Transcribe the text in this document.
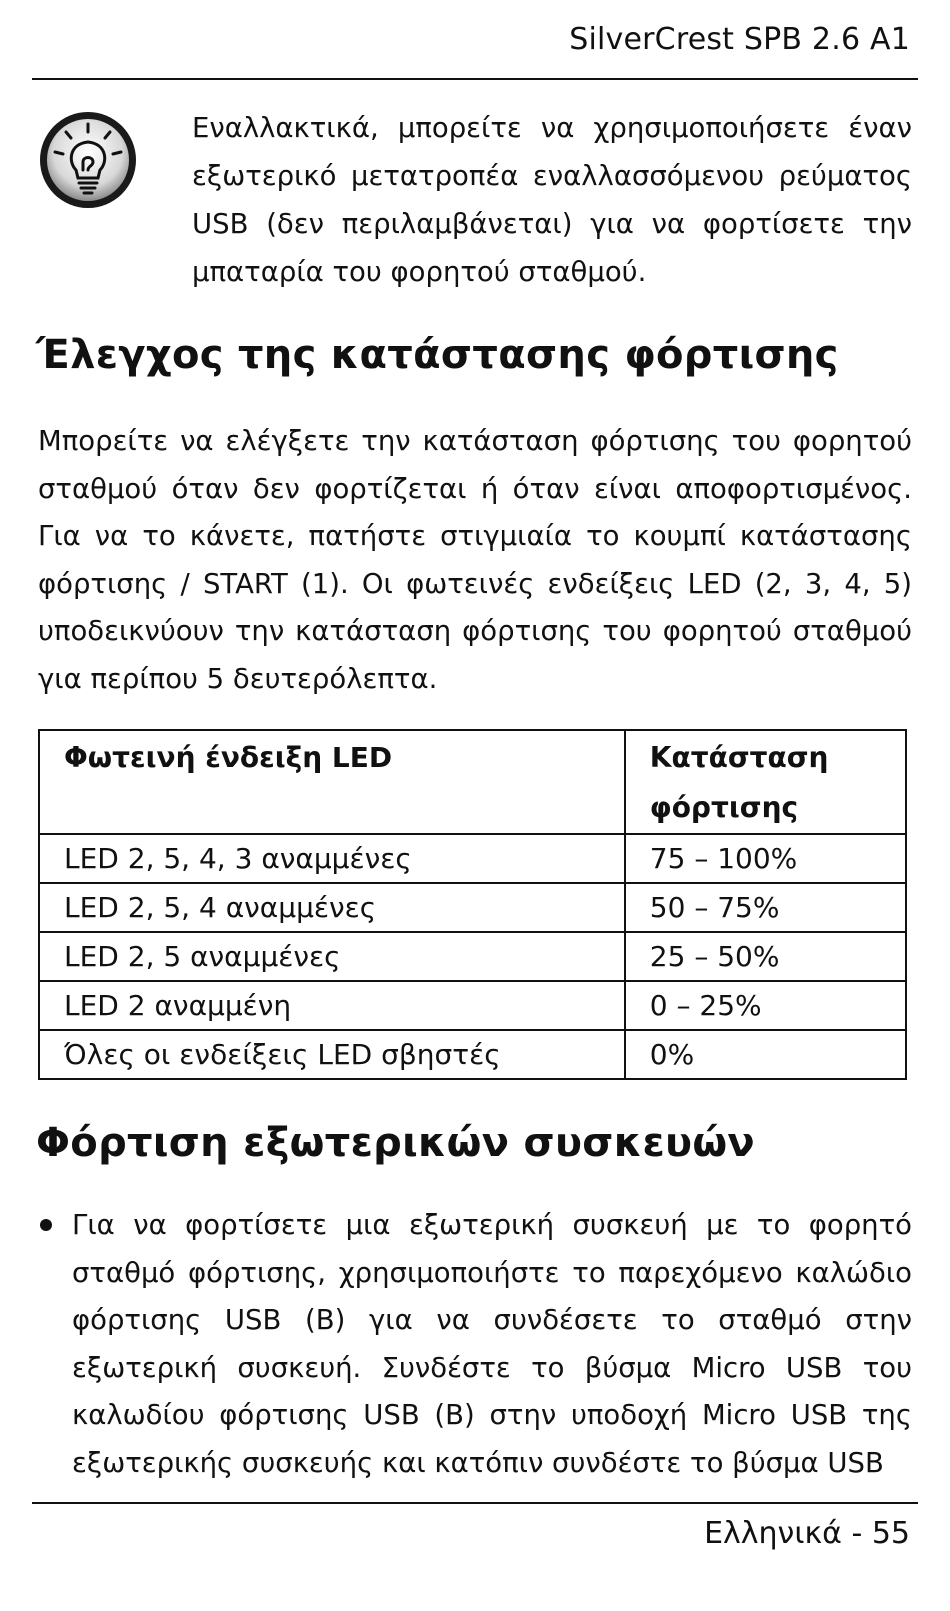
SilverCrest SPB 2.6 A1

Εναλλακτικά, μπορείτε να χρησιμοποιήσετε έναν εξωτερικό μετατροπέα εναλλασσόμενου ρεύματος USB (δεν περιλαμβάνεται) για να φορτίσετε την μπαταρία του φορητού σταθμού.

Έλεγχος της κατάστασης φόρτισης

Μπορείτε να ελέγξετε την κατάσταση φόρτισης του φορητού σταθμού όταν δεν φορτίζεται ή όταν είναι αποφορτισμένος. Για να το κάνετε, πατήστε στιγμιαία το κουμπί κατάστασης φόρτισης / START (1). Οι φωτεινές ενδείξεις LED (2, 3, 4, 5) υποδεικνύουν την κατάσταση φόρτισης του φορητού σταθμού για περίπου 5 δευτερόλεπτα.

Φωτεινή ένδειξη LED	Κατάσταση φόρτισης
LED 2, 5, 4, 3 αναμμένες	75 – 100%
LED 2, 5, 4 αναμμένες	50 – 75%
LED 2, 5 αναμμένες	25 – 50%
LED 2 αναμμένη	0 – 25%
Όλες οι ενδείξεις LED σβηστές	0%
Φόρτιση εξωτερικών συσκευών
Για να φορτίσετε μια εξωτερική συσκευή με το φορητό σταθμό φόρτισης, χρησιμοποιήστε το παρεχόμενο καλώδιο φόρτισης USB (B) για να συνδέσετε το σταθμό στην εξωτερική συσκευή. Συνδέστε το βύσμα Micro USB του καλωδίου φόρτισης USB (B) στην υποδοχή Micro USB της εξωτερικής συσκευής και κατόπιν συνδέστε το βύσμα USB
Ελληνικά - 55
